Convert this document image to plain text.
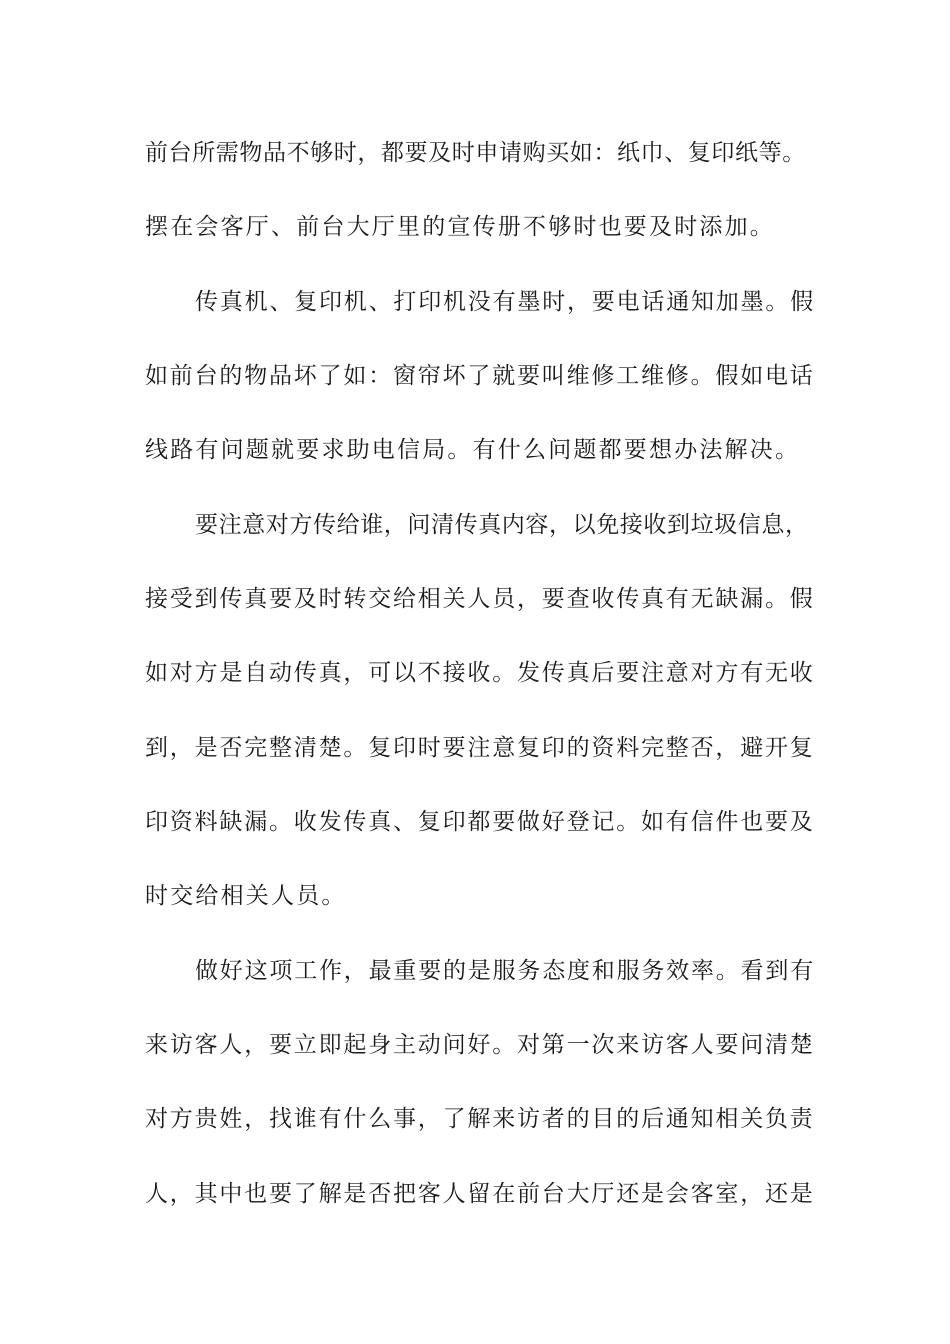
前台所需物品不够时，都要及时申请购买如：纸巾、复印纸等。
摆在会客厅、前台大厅里的宣传册不够时也要及时添加。
传真机、复印机、打印机没有墨时，要电话通知加墨。假
如前台的物品坏了如：窗帘坏了就要叫维修工维修。假如电话
线路有问题就要求助电信局。有什么问题都要想办法解决。
要注意对方传给谁，问清传真内容，以免接收到垃圾信息，
接受到传真要及时转交给相关人员，要查收传真有无缺漏。假
如对方是自动传真，可以不接收。发传真后要注意对方有无收
到，是否完整清楚。复印时要注意复印的资料完整否，避开复
印资料缺漏。收发传真、复印都要做好登记。如有信件也要及
时交给相关人员。
做好这项工作，最重要的是服务态度和服务效率。看到有
来访客人，要立即起身主动问好。对第一次来访客人要问清楚
对方贵姓，找谁有什么事，了解来访者的目的后通知相关负责
人，其中也要了解是否把客人留在前台大厅还是会客室，还是
